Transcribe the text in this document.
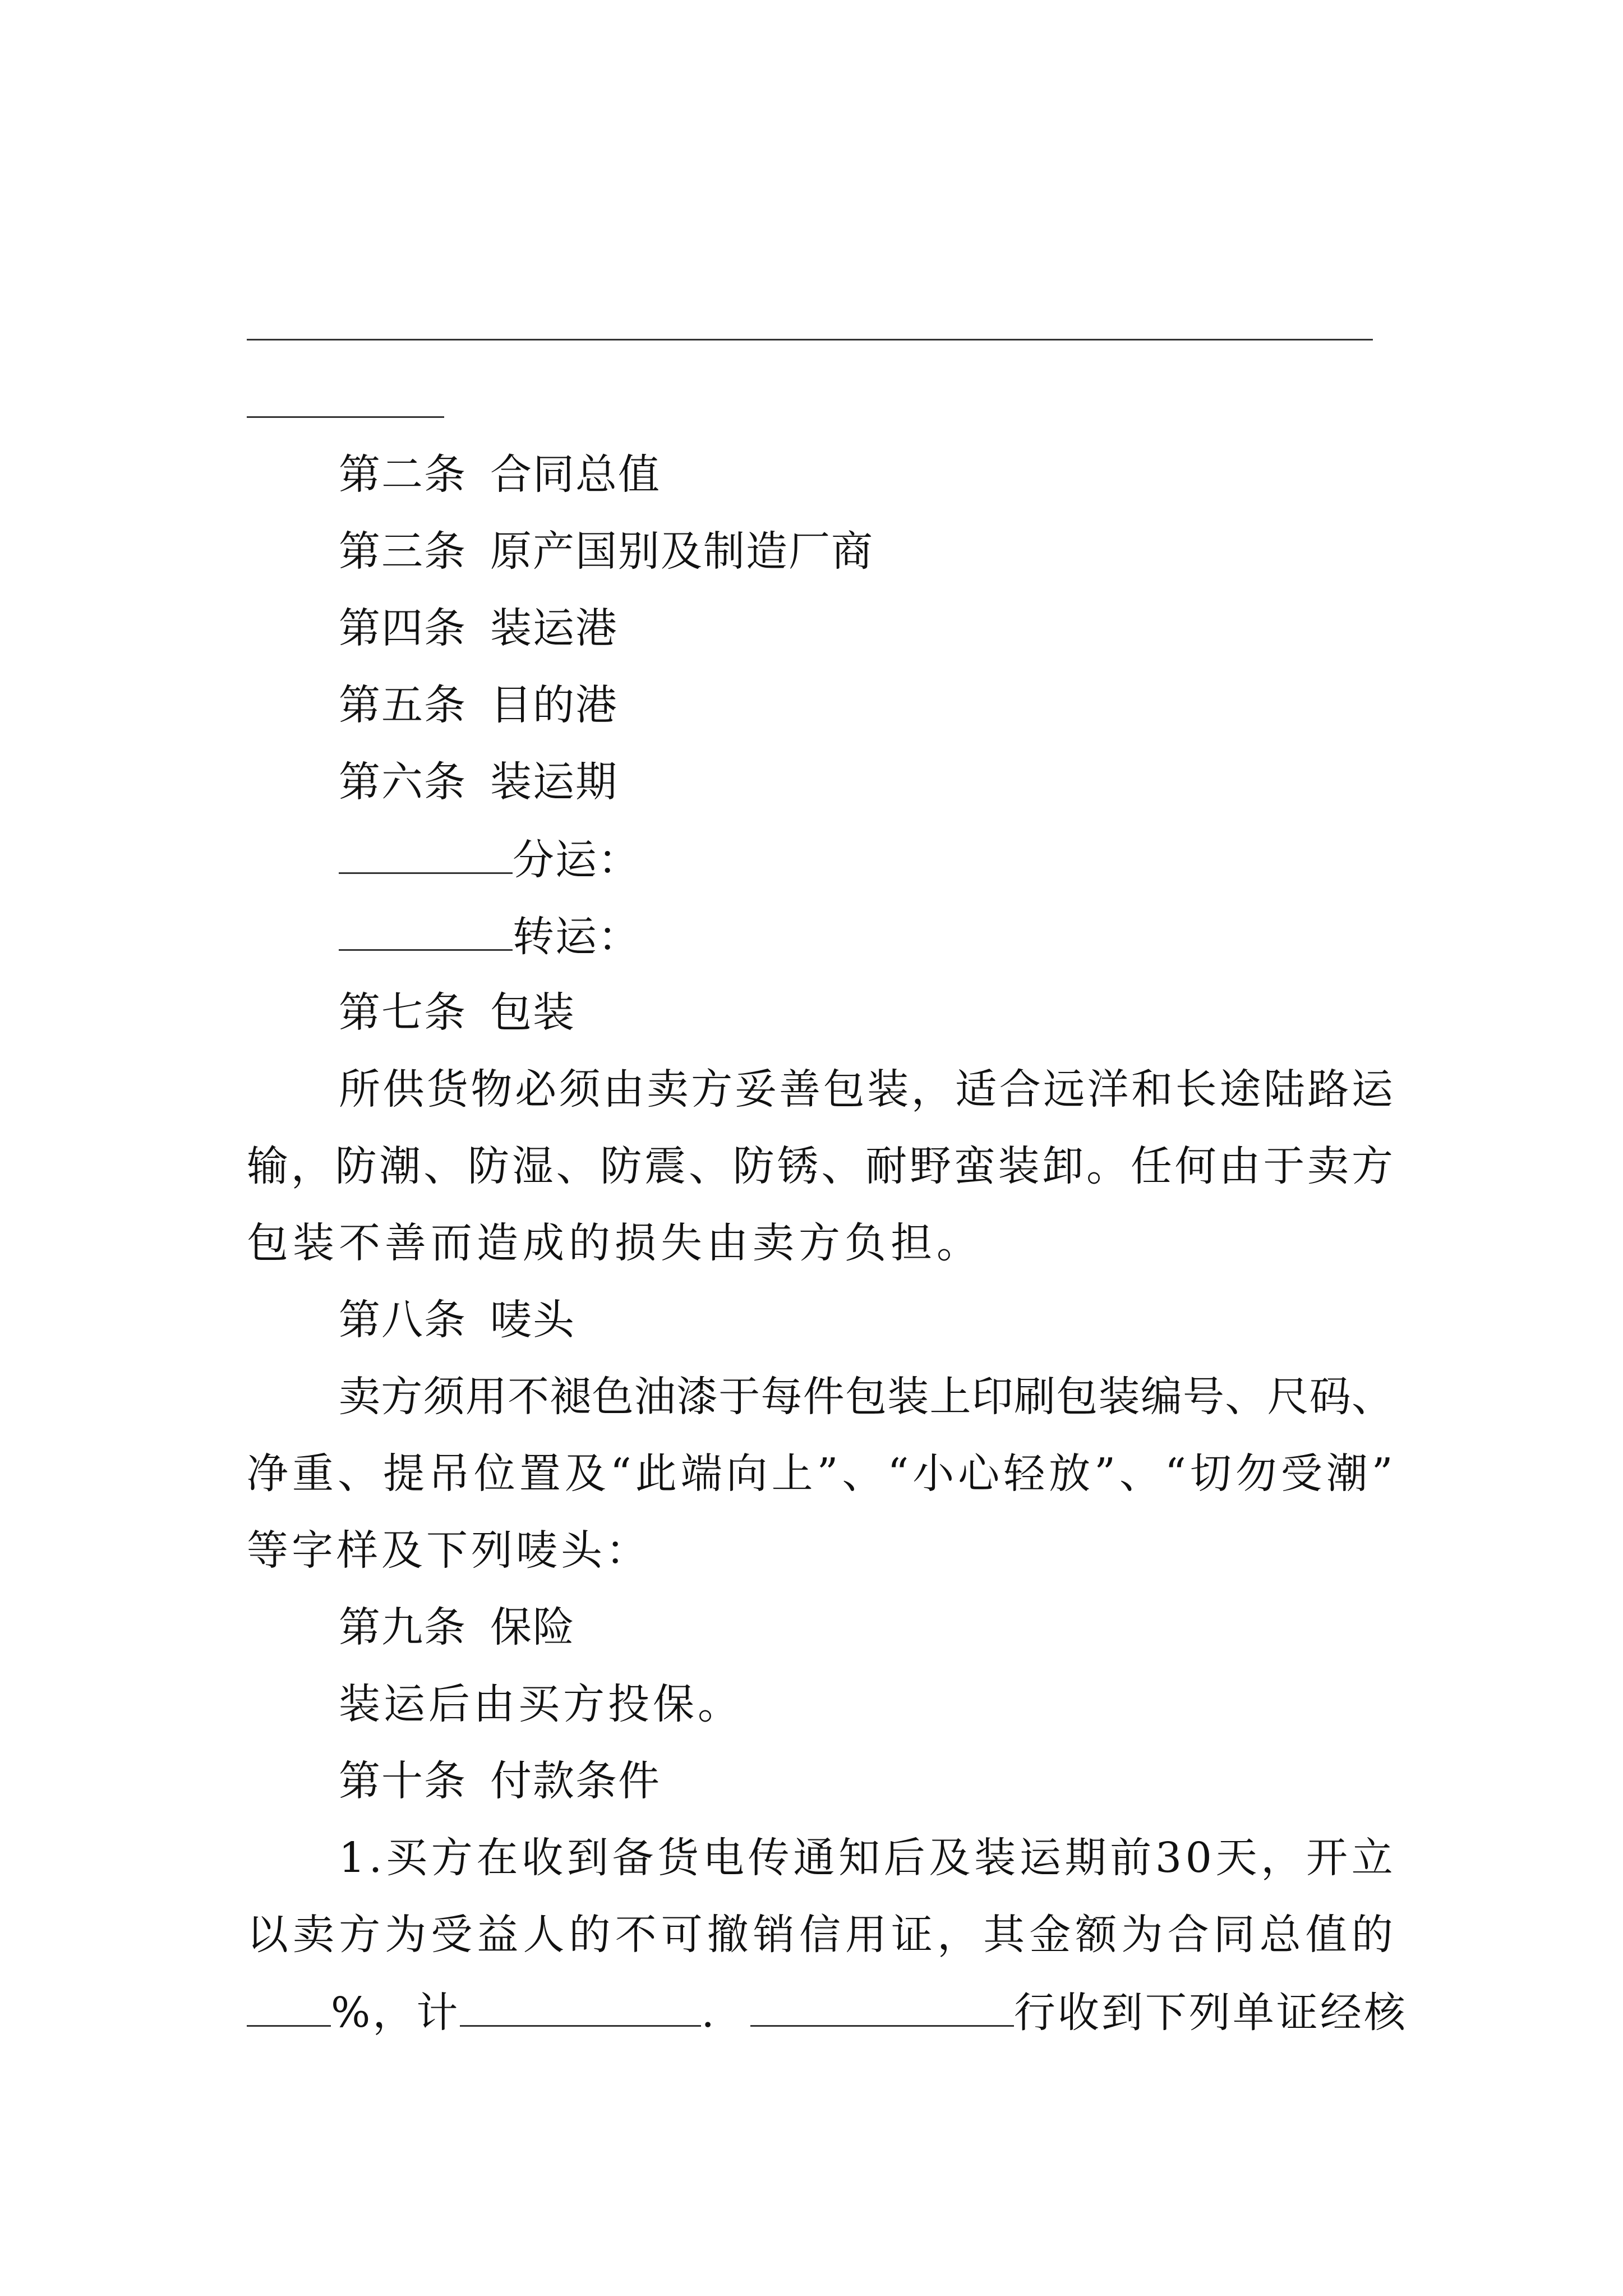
第二条 合同总值
第三条 原产国别及制造厂商
第四条 装运港
第五条 目的港
第六条 装运期
分运：
转运：
第七条 包装
所 供 货 物 必 须 由 卖 方 妥 善 包 装 ， 适 合 远 洋 和 长 途 陆 路 运
输 ， 防 潮 、 防 湿 、 防 震 、 防 锈 、 耐 野 蛮 装 卸 。 任 何 由 于 卖 方
包装不善而造成的损失由卖方负担。
第八条 唛头
卖 方 须 用 不 褪 色 油 漆 于 每 件 包 装 上 印 刷 包 装 编 号 、 尺 码 、
净 重 、 提 吊 位 置 及 “ 此 端 向 上 ” 、 “ 小 心 轻 放 ” 、 “ 切 勿 受 潮 ”
等字样及下列唛头：
第九条 保险
装运后由买方投保。
第十条 付款条件
1 . 买 方 在 收 到 备 货 电 传 通 知 后 及 装 运 期 前 3 0 天 ， 开 立
以 卖 方 为 受 益 人 的 不 可 撤 销 信 用 证 ， 其 金 额 为 合 同 总 值 的
%，计	.	行收到下列单证经核
